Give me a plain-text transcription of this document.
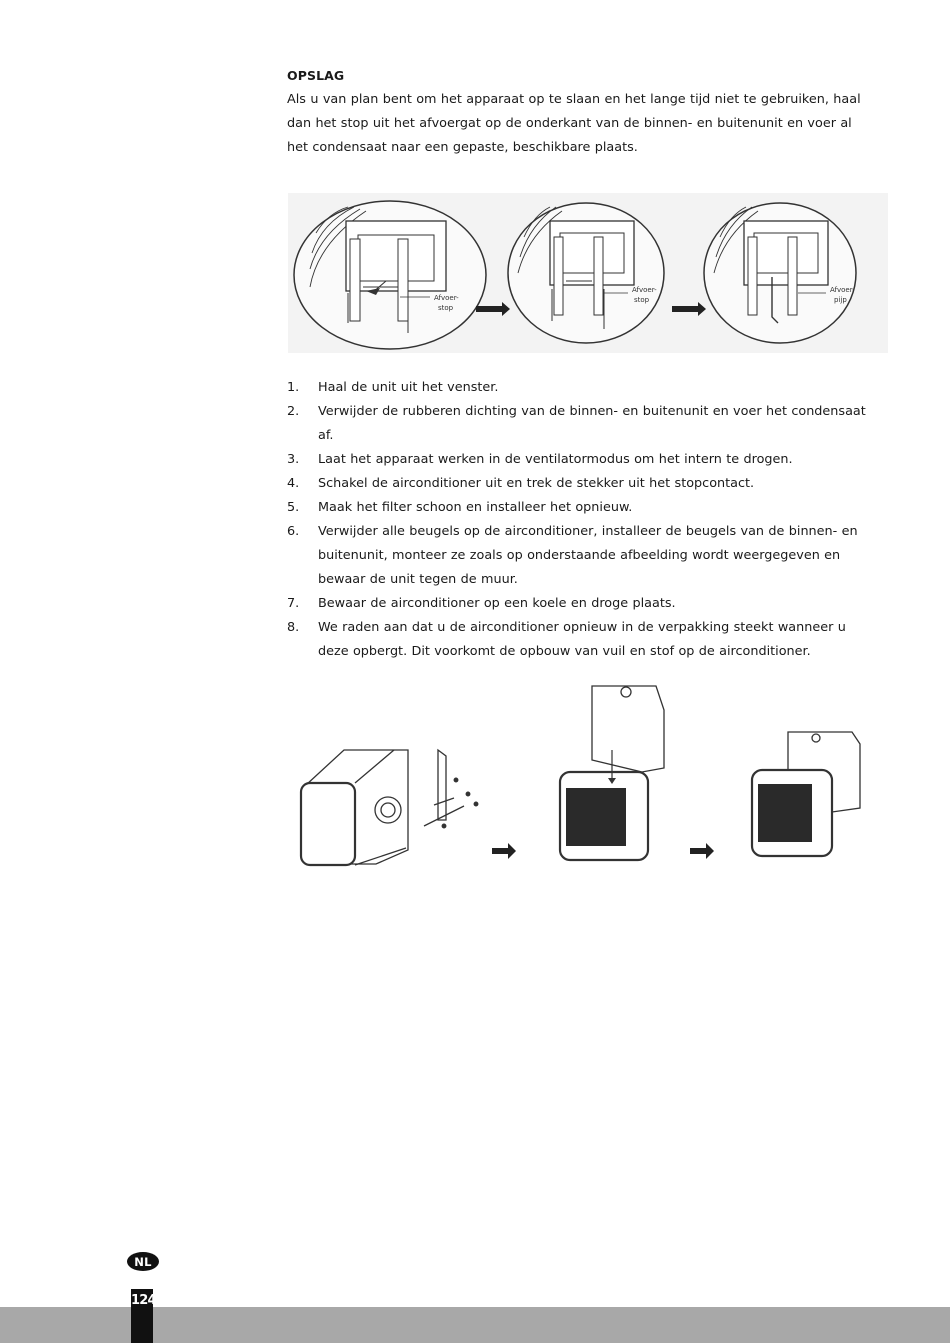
OPSLAG

Als u van plan bent om het apparaat op te slaan en het lange tijd niet te gebruiken, haal dan het stop uit het afvoergat op de onderkant van de binnen- en buitenunit en voer al het condensaat naar een gepaste, beschikbare plaats.

Afvoer-
stop
Afvoer-
stop
Afvoer-
pijp
1.	Haal de unit uit het venster.
2.	Verwijder de rubberen dichting van de binnen- en buitenunit en voer het condensaat af.
3.	Laat het apparaat werken in de ventilatormodus om het intern te drogen.
4.	Schakel de airconditioner uit en trek de stekker uit het stopcontact.
5.	Maak het filter schoon en installeer het opnieuw.
6.	Verwijder alle beugels op de airconditioner, installeer de beugels van de binnen- en buitenunit, monteer ze zoals op onderstaande afbeelding wordt weergegeven en bewaar de unit tegen de muur.
7.	Bewaar de airconditioner op een koele en droge plaats.
8.	We raden aan dat u de airconditioner opnieuw in de verpakking steekt wanneer u deze opbergt. Dit voorkomt de opbouw van vuil en stof op de airconditioner.
NL
124
